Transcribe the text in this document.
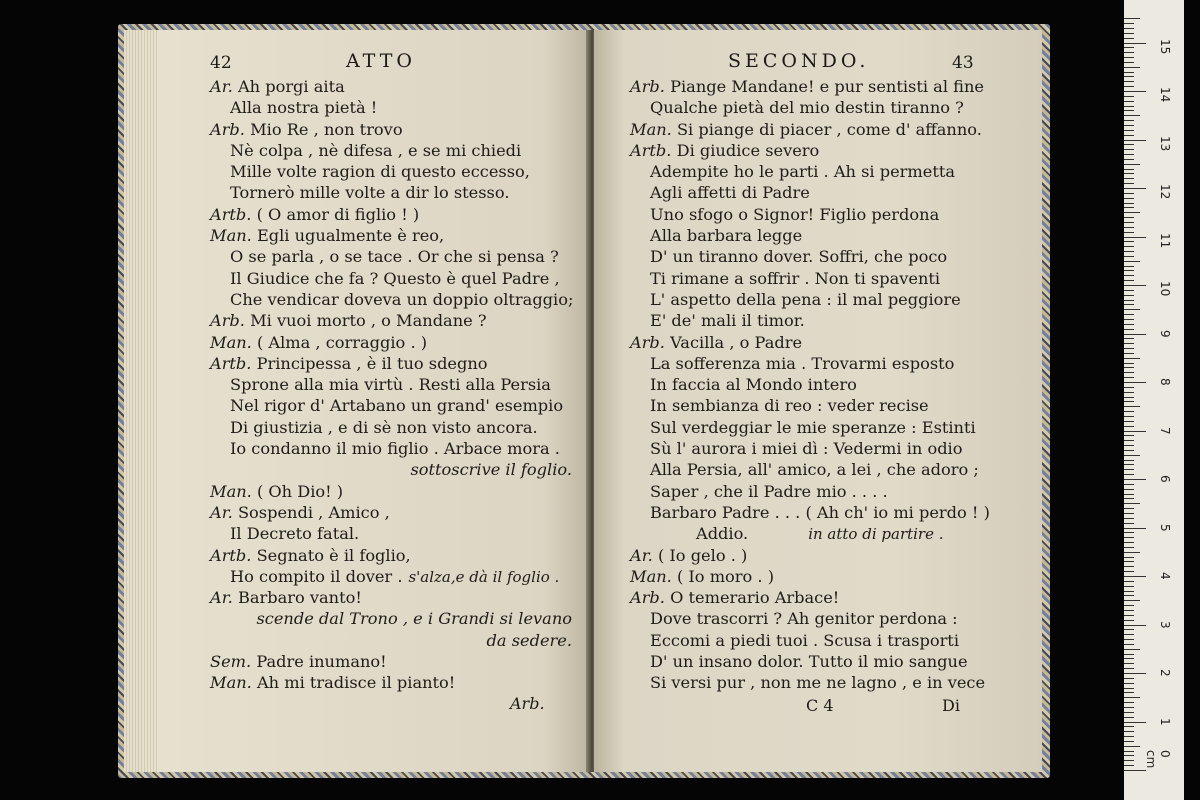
42	ATTO
Ar. Ah porgi aita
Alla nostra pietà !
Arb. Mio Re , non trovo
Nè colpa , nè difesa , e se mi chiedi
Mille volte ragion di questo eccesso,
Tornerò mille volte a dir lo stesso.
Artb. ( O amor di figlio ! )
Man. Egli ugualmente è reo,
O se parla , o se tace . Or che si pensa ?
Il Giudice che fa ? Questo è quel Padre ,
Che vendicar doveva un doppio oltraggio;
Arb. Mi vuoi morto , o Mandane ?
Man. ( Alma , corraggio . )
Artb. Principessa , è il tuo sdegno
Sprone alla mia virtù . Resti alla Persia
Nel rigor d' Artabano un grand' esempio
Di giustizia , e di sè non visto ancora.
Io condanno il mio figlio . Arbace mora .
sottoscrive il foglio.
Man. ( Oh Dio! )
Ar. Sospendi , Amico ,
Il Decreto fatal.
Artb. Segnato è il foglio,
Ho compito il dover . s'alza,e dà il foglio .
Ar. Barbaro vanto!
scende dal Trono , e i Grandi si levano
da sedere.
Sem. Padre inumano!
Man. Ah mi tradisce il pianto!
Arb.
SECONDO.	43
Arb. Piange Mandane! e pur sentisti al fine
Qualche pietà del mio destin tiranno ?
Man. Si piange di piacer , come d' affanno.
Artb. Di giudice severo
Adempite ho le parti . Ah si permetta
Agli affetti di Padre
Uno sfogo o Signor! Figlio perdona
Alla barbara legge
D' un tiranno dover. Soffri, che poco
Ti rimane a soffrir . Non ti spaventi
L' aspetto della pena : il mal peggiore
E' de' mali il timor.
Arb. Vacilla , o Padre
La sofferenza mia . Trovarmi esposto
In faccia al Mondo intero
In sembianza di reo : veder recise
Sul verdeggiar le mie speranze : Estinti
Sù l' aurora i miei dì : Vedermi in odio
Alla Persia, all' amico, a lei , che adoro ;
Saper , che il Padre mio . . . .
Barbaro Padre . . . ( Ah ch' io mi perdo ! )
Addio.	in atto di partire .
Ar. ( Io gelo . )
Man. ( Io moro . )
Arb. O temerario Arbace!
Dove trascorri ? Ah genitor perdona :
Eccomi a piedi tuoi . Scusa i trasporti
D' un insano dolor. Tutto il mio sangue
Si versi pur , non me ne lagno , e in vece
C 4	Di
0 cm
1
2
3
4
5
6
7
8
9
10
11
12
13
14
15
